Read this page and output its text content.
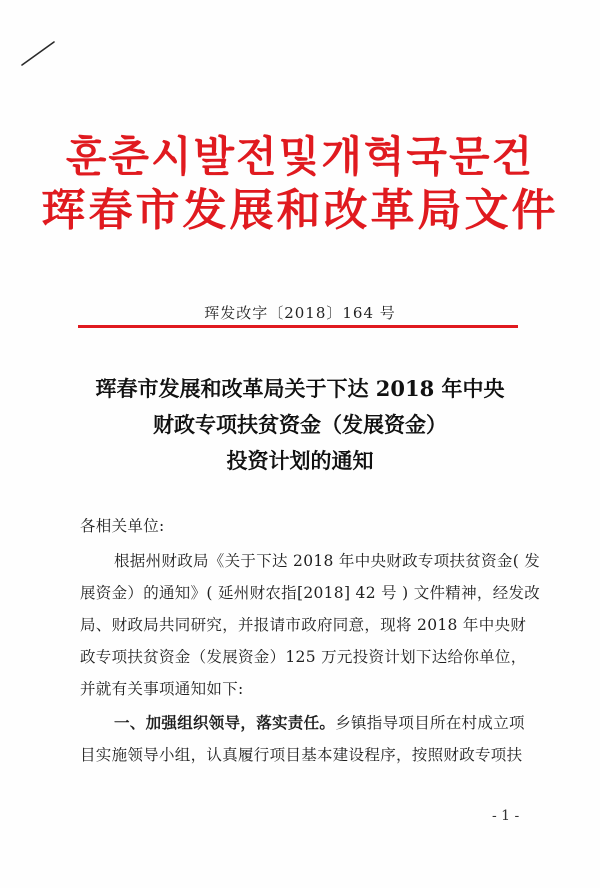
훈춘시발전및개혁국문건
珲春市发展和改革局文件
珲发改字〔2018〕164 号
珲春市发展和改革局关于下达 2018 年中央
财政专项扶贫资金（发展资金）
投资计划的通知
各相关单位:
根据州财政局《关于下达 2018 年中央财政专项扶贫资金( 发
展资金）的通知》( 延州财农指[2018] 42 号 ) 文件精神，经发改
局、财政局共同研究，并报请市政府同意，现将 2018 年中央财
政专项扶贫资金（发展资金）125 万元投资计划下达给你单位，
并就有关事项通知如下:
一、加强组织领导，落实责任。乡镇指导项目所在村成立项
目实施领导小组，认真履行项目基本建设程序，按照财政专项扶
- 1 -
